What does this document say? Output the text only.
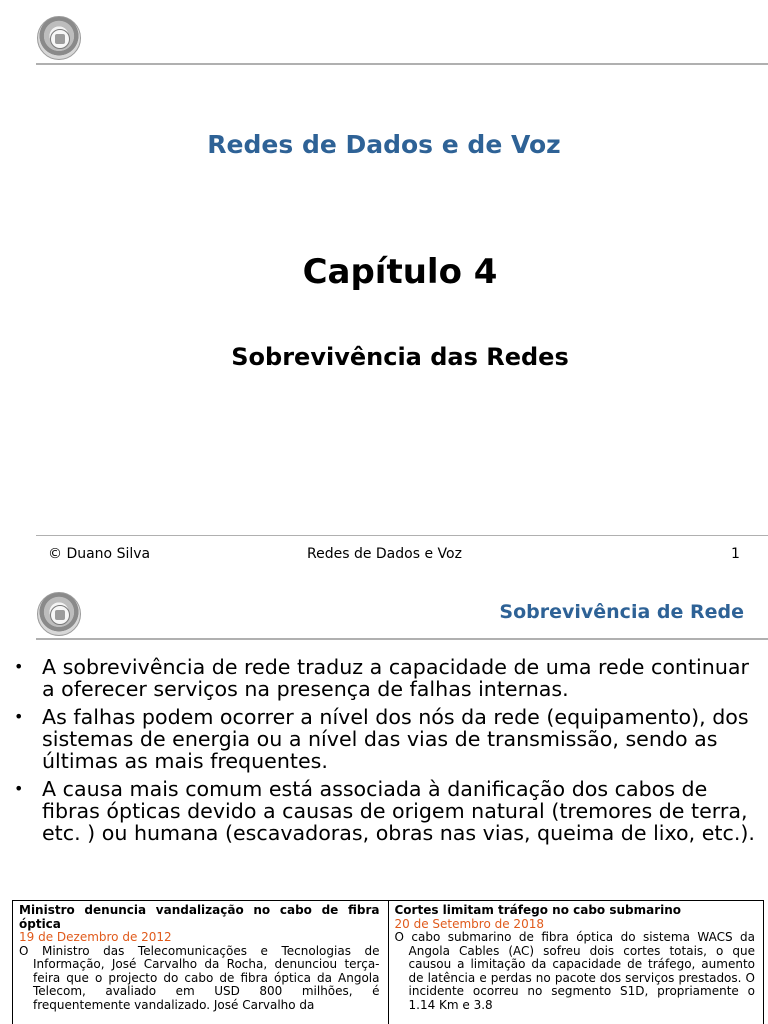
Redes de Dados e de Voz
Capítulo 4
Sobrevivência das Redes
© Duano Silva	Redes de Dados e Voz	1
Sobrevivência de Rede
• A sobrevivência de rede traduz a capacidade de uma rede continuar a oferecer serviços na presença de falhas internas.
• As falhas podem ocorrer a nível dos nós da rede (equipamento), dos sistemas de energia ou a nível das vias de transmissão, sendo as últimas as mais frequentes.
• A causa mais comum está associada à danificação dos cabos de fibras ópticas devido a causas de origem natural (tremores de terra, etc. ) ou humana (escavadoras, obras nas vias, queima de lixo, etc.).
Ministro denuncia vandalização no cabo de fibra óptica
19 de Dezembro de 2012
O Ministro das Telecomunicações e Tecnologias de Informação, José Carvalho da Rocha, denunciou terça-feira que o projecto do cabo de fibra óptica da Angola Telecom, avaliado em USD 800 milhões, é frequentemente vandalizado. José Carvalho da
Cortes limitam tráfego no cabo submarino
20 de Setembro de 2018
O cabo submarino de fibra óptica do sistema WACS da Angola Cables (AC) sofreu dois cortes totais, o que causou a limitação da capacidade de tráfego, aumento de latência e perdas no pacote dos serviços prestados. O incidente ocorreu no segmento S1D, propriamente o 1.14 Km e 3.8
